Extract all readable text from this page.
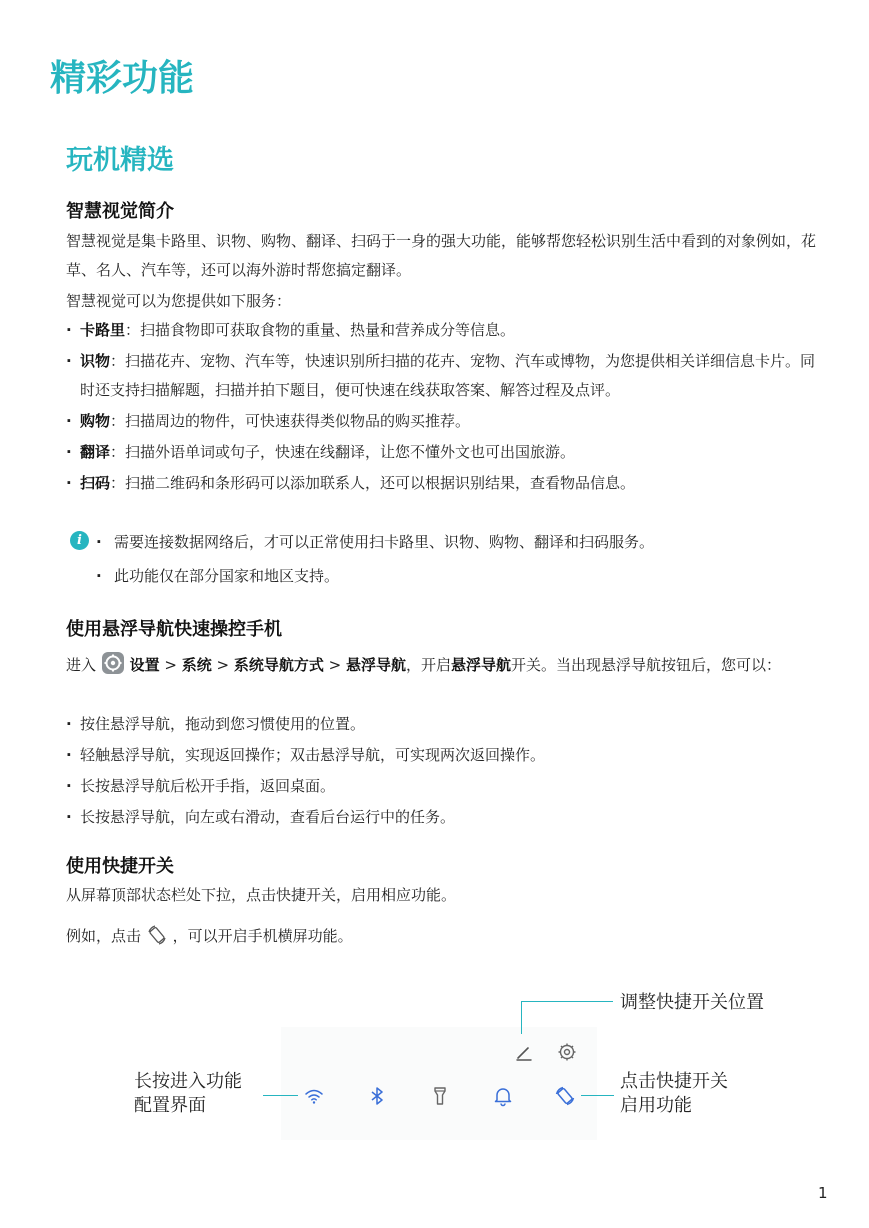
精彩功能
玩机精选
智慧视觉简介

智慧视觉是集卡路里、识物、购物、翻译、扫码于一身的强大功能，能够帮您轻松识别生活中看到的对象例如，花草、名人、汽车等，还可以海外游时帮您搞定翻译。

智慧视觉可以为您提供如下服务：

· 卡路里：扫描食物即可获取食物的重量、热量和营养成分等信息。
· 识物：扫描花卉、宠物、汽车等，快速识别所扫描的花卉、宠物、汽车或博物，为您提供相关详细信息卡片。同时还支持扫描解题，扫描并拍下题目，便可快速在线获取答案、解答过程及点评。
· 购物：扫描周边的物件，可快速获得类似物品的购买推荐。
· 翻译：扫描外语单词或句子，快速在线翻译，让您不懂外文也可出国旅游。
· 扫码：扫描二维码和条形码可以添加联系人，还可以根据识别结果，查看物品信息。
i
·	需要连接数据网络后，才可以正常使用扫卡路里、识物、购物、翻译和扫码服务。
· 此功能仅在部分国家和地区支持。
使用悬浮导航快速操控手机

进入 设置 > 系统 > 系统导航方式 > 悬浮导航，开启悬浮导航开关。当出现悬浮导航按钮后，您可以：

· 按住悬浮导航，拖动到您习惯使用的位置。
· 轻触悬浮导航，实现返回操作；双击悬浮导航，可实现两次返回操作。
· 长按悬浮导航后松开手指，返回桌面。
· 长按悬浮导航，向左或右滑动，查看后台运行中的任务。
使用快捷开关

从屏幕顶部状态栏处下拉，点击快捷开关，启用相应功能。

例如，点击 ，可以开启手机横屏功能。

调整快捷开关位置

长按进入功能
配置界面

点击快捷开关
启用功能

1
